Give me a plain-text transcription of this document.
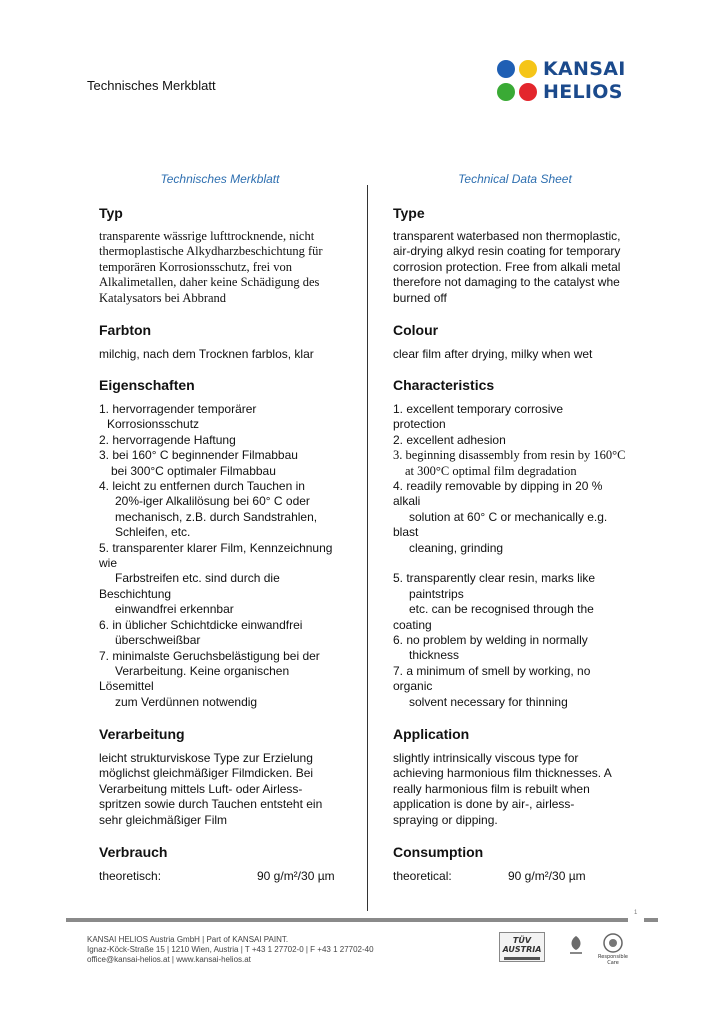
Technisches Merkblatt
KANSAI
HELIOS
Technisches Merkblatt	Technical Data Sheet
Typ
transparente wässrige lufttrocknende, nicht
thermoplastische Alkydharzbeschichtung für
temporären Korrosionsschutz, frei von
Alkalimetallen, daher keine Schädigung des
Katalysators bei Abbrand
Farbton
milchig, nach dem Trocknen farblos, klar
Eigenschaften
1. hervorragender temporärer
Korrosionsschutz
2. hervorragende Haftung
3. bei 160° C beginnender Filmabbau
bei 300°C optimaler Filmabbau
4. leicht zu entfernen durch Tauchen in
20%-iger Alkalilösung bei 60° C oder
mechanisch, z.B. durch Sandstrahlen,
Schleifen, etc.
5. transparenter klarer Film, Kennzeichnung
wie
Farbstreifen etc. sind durch die
Beschichtung
einwandfrei erkennbar
6. in üblicher Schichtdicke einwandfrei
überschweißbar
7. minimalste Geruchsbelästigung bei der
Verarbeitung. Keine organischen
Lösemittel
zum Verdünnen notwendig
Verarbeitung
leicht strukturviskose Type zur Erzielung
möglichst gleichmäßiger Filmdicken. Bei
Verarbeitung mittels Luft- oder Airless-
spritzen sowie durch Tauchen entsteht ein
sehr gleichmäßiger Film
Verbrauch
theoretisch:	90 g/m²/30 µm
Type
transparent waterbased non thermoplastic,
air-drying alkyd resin coating for temporary
corrosion protection. Free from alkali metal
therefore not damaging to the catalyst whe
burned off
Colour
clear film after drying, milky when wet
Characteristics
1. excellent temporary corrosive
protection
2. excellent adhesion
3. beginning disassembly from resin by 160°C
at 300°C optimal film degradation
4. readily removable by dipping in 20 %
alkali
solution at 60° C or mechanically e.g.
blast
cleaning, grinding
5. transparently clear resin, marks like
paintstrips
etc. can be recognised through the
coating
6. no problem by welding in normally
thickness
7. a minimum of smell by working, no
organic
solvent necessary for thinning
Application
slightly intrinsically viscous type for
achieving harmonious film thicknesses. A
really harmonious film is rebuilt when
application is done by air-, airless-
spraying or dipping.
Consumption
theoretical:	90 g/m²/30 µm
1
KANSAI HELIOS Austria GmbH | Part of KANSAI PAINT.
Ignaz-Köck-Straße 15 | 1210 Wien, Austria | T +43 1 27702-0 | F +43 1 27702-40
office@kansai-helios.at | www.kansai-helios.at
TÜV AUSTRIA
Responsible Care
